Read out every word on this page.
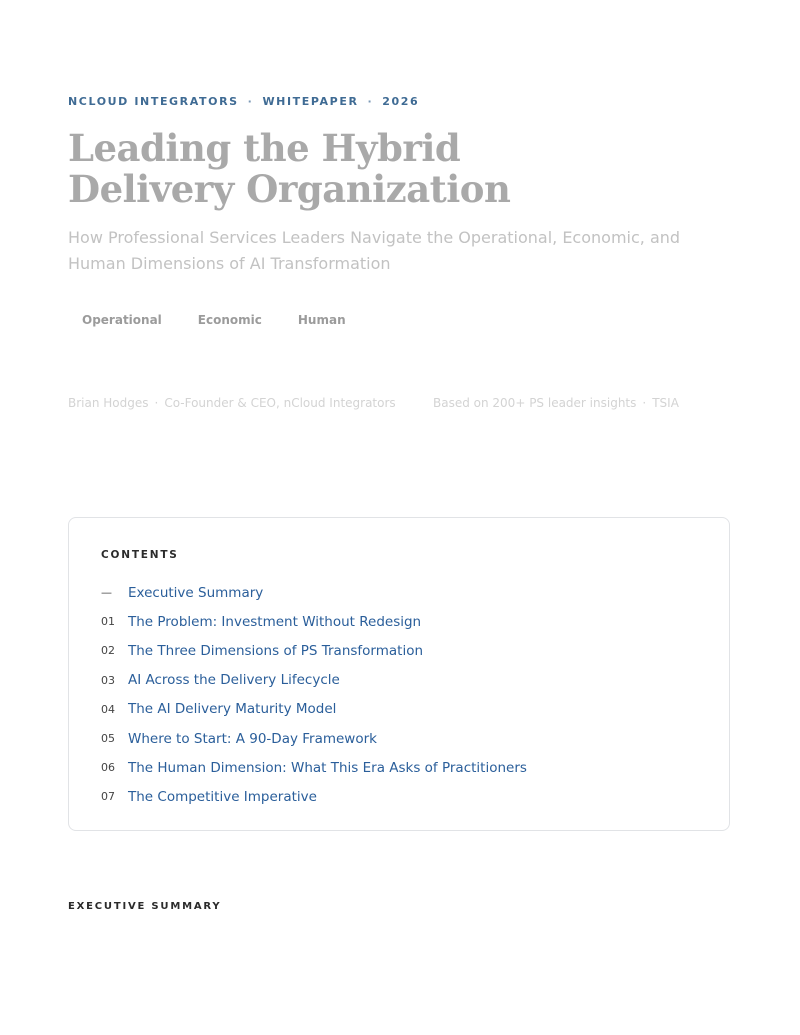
NCLOUD INTEGRATORS · WHITEPAPER · 2026
Leading the Hybrid
Delivery Organization

How Professional Services Leaders Navigate the Operational, Economic, and Human Dimensions of AI Transformation

Operational	Economic	Human
Brian Hodges · Co-Founder & CEO, nCloud Integrators	Based on 200+ PS leader insights · TSIA
CONTENTS
—	Executive Summary
01 The Problem: Investment Without Redesign
02 The Three Dimensions of PS Transformation
03 AI Across the Delivery Lifecycle
04 The AI Delivery Maturity Model
05 Where to Start: A 90-Day Framework
06 The Human Dimension: What This Era Asks of Practitioners
07 The Competitive Imperative
EXECUTIVE SUMMARY
